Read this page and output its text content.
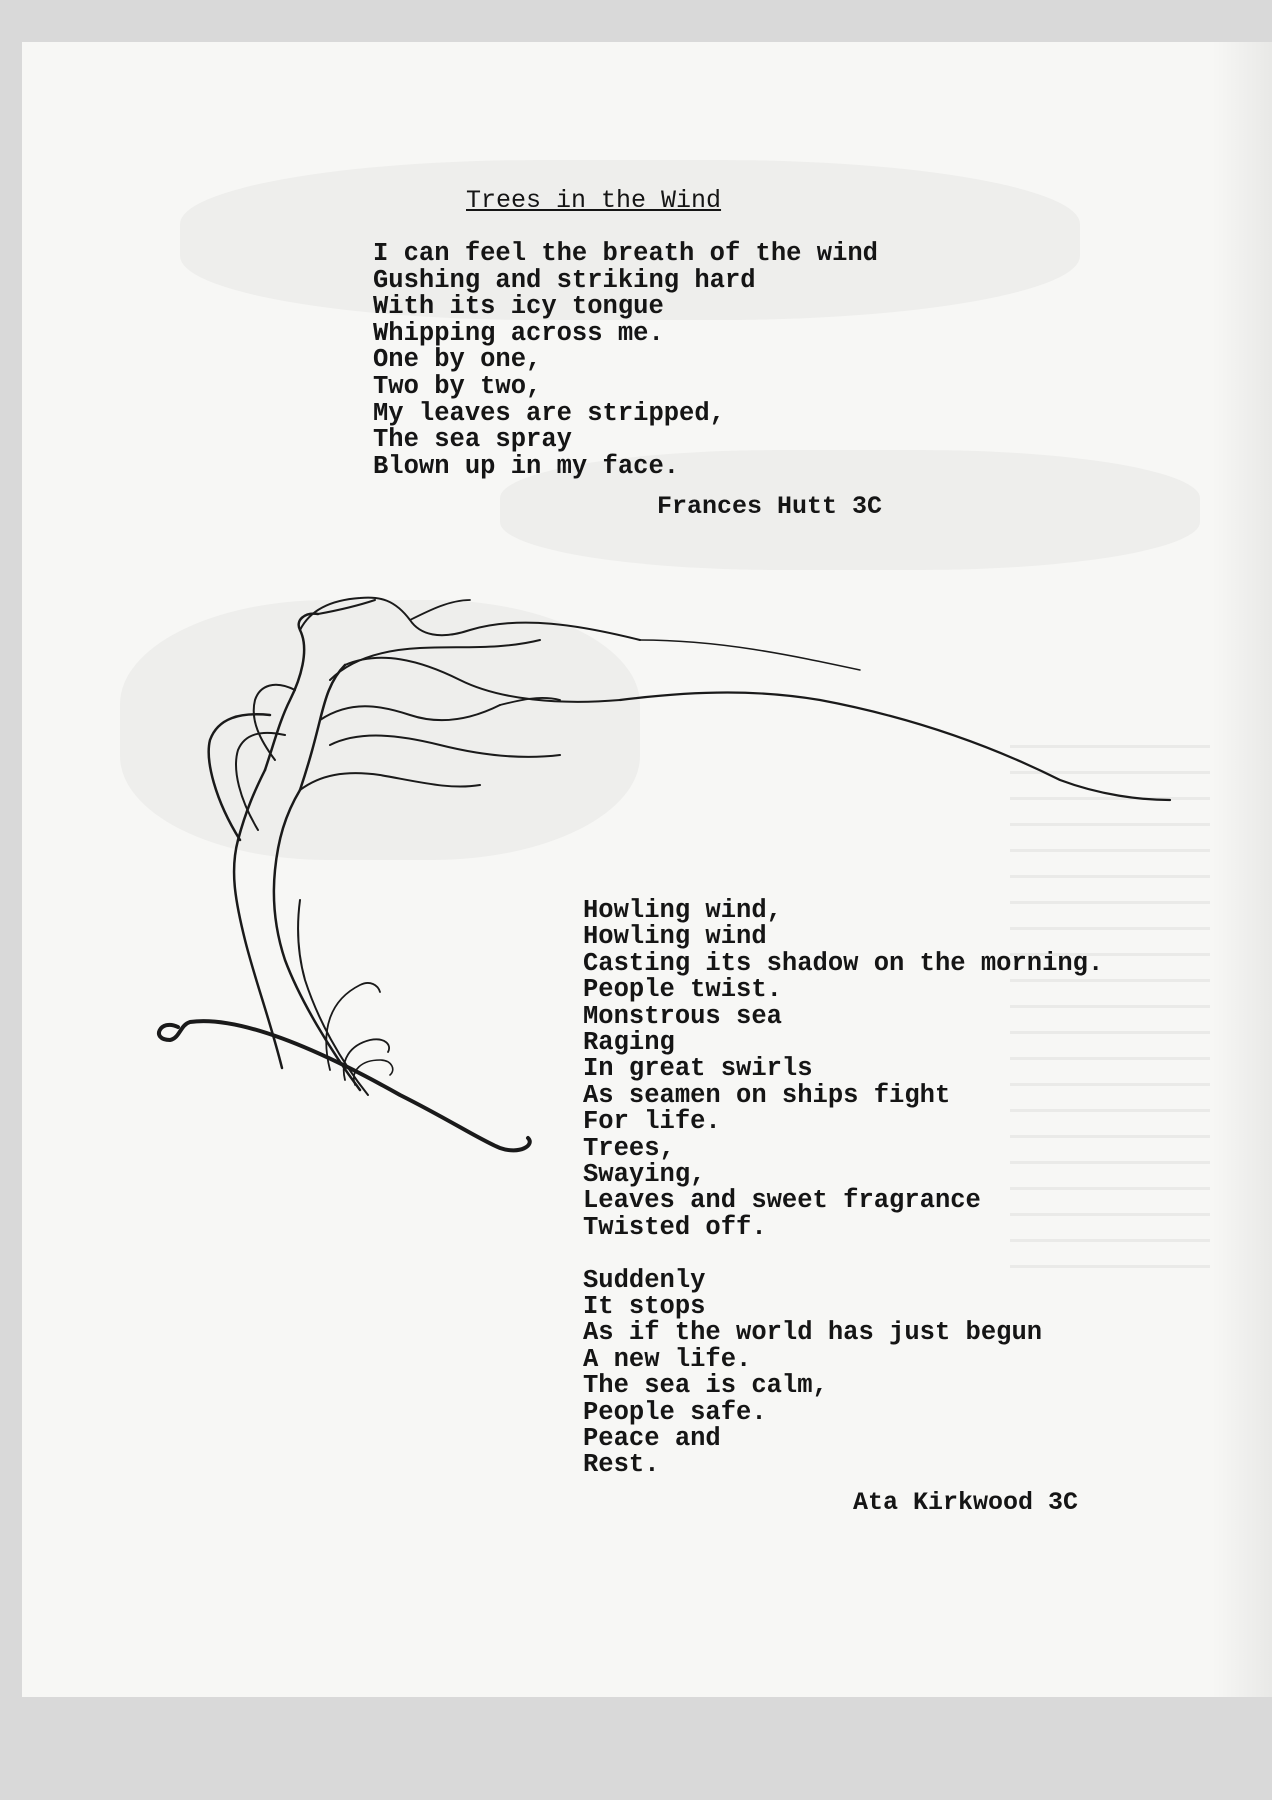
Trees in the Wind
I can feel the breath of the wind
Gushing and striking hard
With its icy tongue
Whipping across me.
One by one,
Two by two,
My leaves are stripped,
The sea spray
Blown up in my face.
Frances Hutt 3C
Howling wind,
Howling wind
Casting its shadow on the morning.
People twist.
Monstrous sea
Raging
In great swirls
As seamen on ships fight
For life.
Trees,
Swaying,
Leaves and sweet fragrance
Twisted off.
Suddenly
It stops
As if the world has just begun
A new life.
The sea is calm,
People safe.
Peace and
Rest.
Ata Kirkwood 3C
